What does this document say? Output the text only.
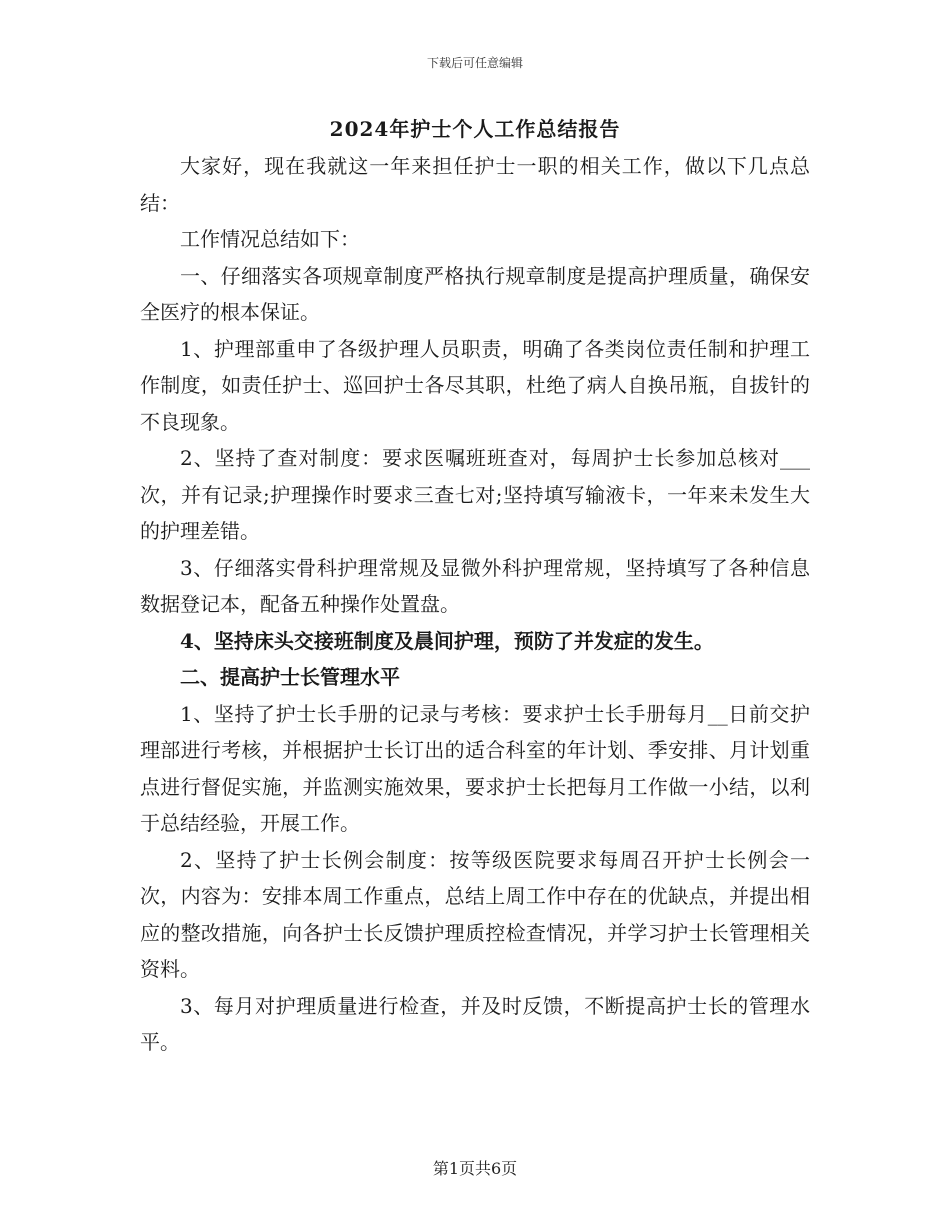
下载后可任意编辑
2024年护士个人工作总结报告

大家好，现在我就这一年来担任护士一职的相关工作，做以下几点总结：

工作情况总结如下：

一、仔细落实各项规章制度严格执行规章制度是提高护理质量，确保安全医疗的根本保证。

1、护理部重申了各级护理人员职责，明确了各类岗位责任制和护理工作制度，如责任护士、巡回护士各尽其职，杜绝了病人自换吊瓶，自拔针的不良现象。

2、坚持了查对制度：要求医嘱班班查对，每周护士长参加总核对___次，并有记录;护理操作时要求三查七对;坚持填写输液卡，一年来未发生大的护理差错。

3、仔细落实骨科护理常规及显微外科护理常规，坚持填写了各种信息数据登记本，配备五种操作处置盘。

4、坚持床头交接班制度及晨间护理，预防了并发症的发生。

二、提高护士长管理水平

1、坚持了护士长手册的记录与考核：要求护士长手册每月__日前交护理部进行考核，并根据护士长订出的适合科室的年计划、季安排、月计划重点进行督促实施，并监测实施效果，要求护士长把每月工作做一小结，以利于总结经验，开展工作。

2、坚持了护士长例会制度：按等级医院要求每周召开护士长例会一次，内容为：安排本周工作重点，总结上周工作中存在的优缺点，并提出相应的整改措施，向各护士长反馈护理质控检查情况，并学习护士长管理相关资料。

3、每月对护理质量进行检查，并及时反馈，不断提高护士长的管理水平。

第1页共6页
